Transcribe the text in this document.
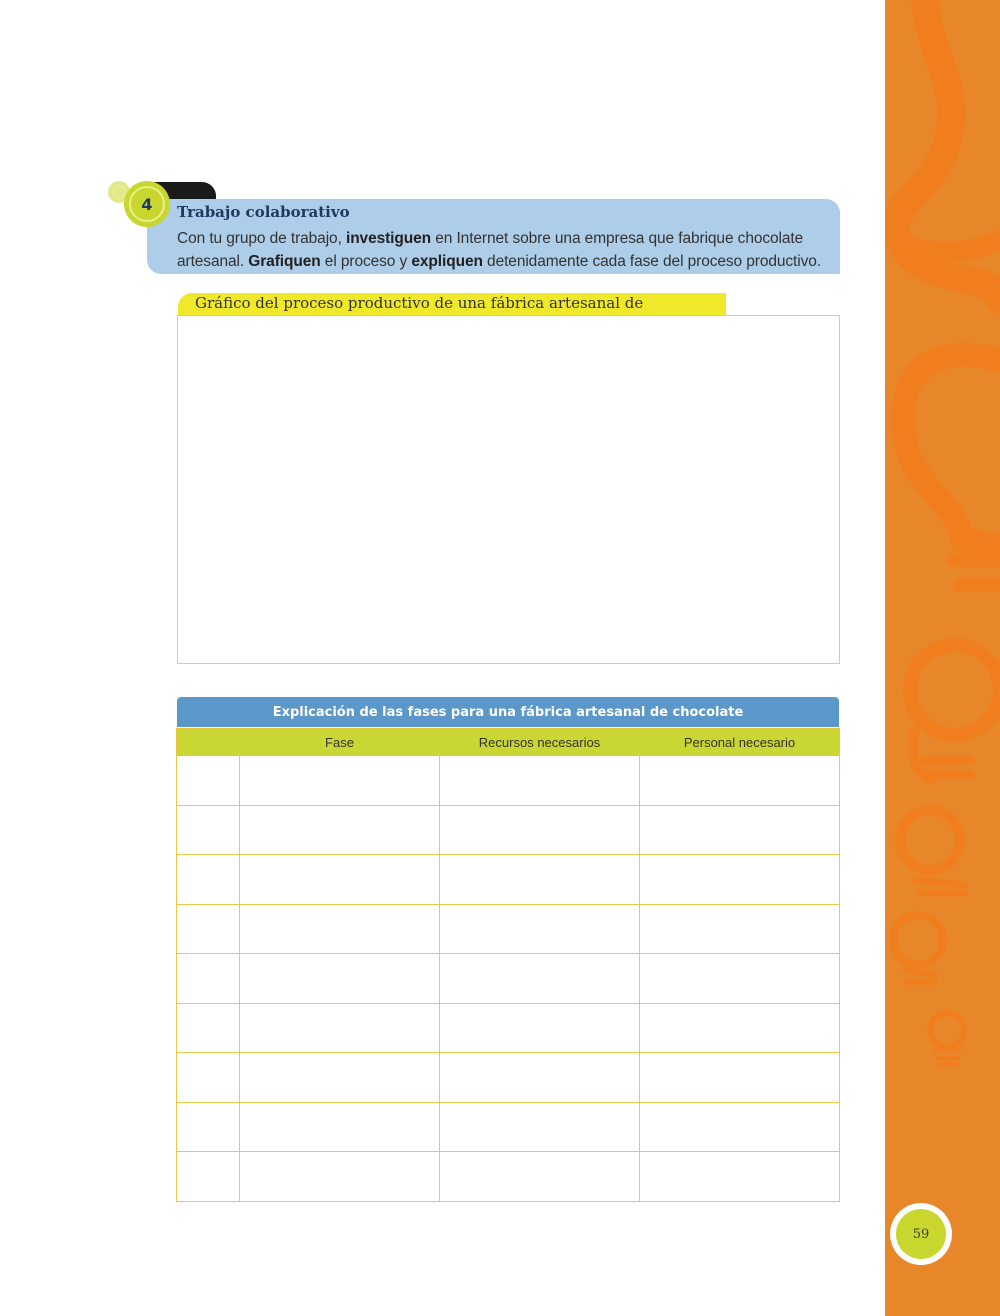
59
4 Trabajo colaborativo
Con tu grupo de trabajo, investiguen en Internet sobre una empresa que fabrique chocolate artesanal. Grafiquen el proceso y expliquen detenidamente cada fase del proceso productivo.
Gráfico del proceso productivo de una fábrica artesanal de
Explicación de las fases para una fábrica artesanal de chocolate
	Fase	Recursos necesarios	Personal necesario
